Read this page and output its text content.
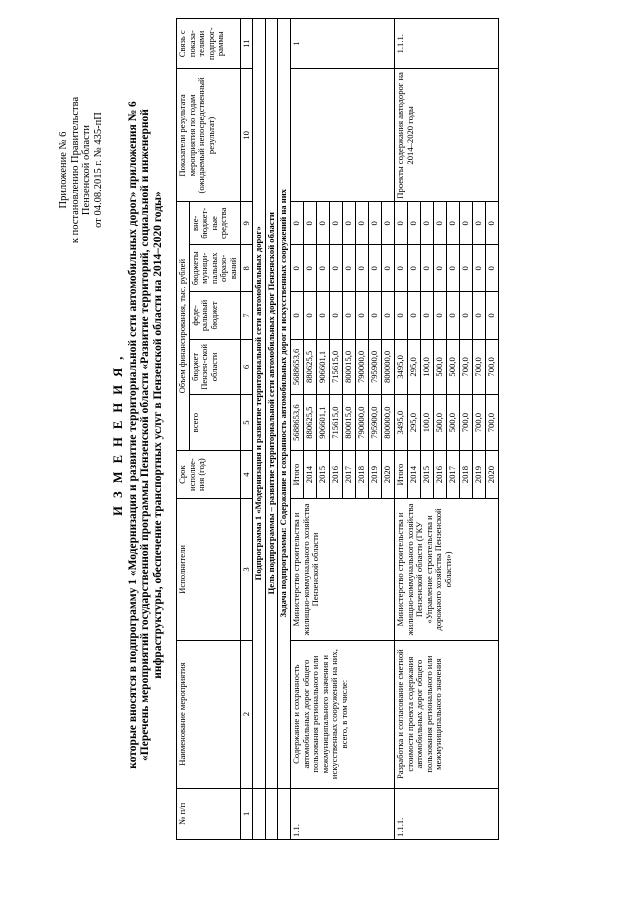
Приложение № 6 к постановлению Правительства Пензенской области от 04.08.2015 г. № 435-пП
И З М Е Н Е Н И Я , которые вносятся в подпрограмму 1 «Модернизация и развитие территориальной сети автомобильных дорог» приложения № 6 «Перечень мероприятий государственной программы Пензенской области «Развитие территорий, социальной и инженерной инфраструктуры, обеспечение транспортных услуг в Пензенской области на 2014–2020 годы»
№ п/п	Наименование мероприятия	Исполнители	Срок исполне-ния (год)	Объем финансирования, тыс. рублей					Показатели результата мероприятия по годам (ожидаемый непосредственный результат)	Связь с показа-телями подпрог-раммы
				всего	бюджет Пензен-ской области	феде-ральный бюджет	бюджеты муници-пальных образо-ваний	вне-бюджет-ные средства		
1	2	3	4	5	6	7	8	9	10	11
	Подпрограмма 1 «Модернизация и развитие территориальной сети автомобильных дорог»									
	Цель подпрограммы – развитие территориальной сети автомобильных дорог Пензенской области									
	Задача подпрограммы: Содержание и сохранность автомобильных дорог и искусственных сооружений на них									
1.1.	Содержание и сохранность автомобильных дорог общего пользования регионального или межмуниципального значения и искусственных сооружений на них, всего, в том числе:	Министерство строительства и жилищно-коммунального хозяйства Пензенской области	Итого	5688653,6	5688653,6	0	0	0		1
			2014	880625,5	880625,5	0	0	0		
			2015	906601,1	906601,1	0	0	0		
			2016	715615,0	715615,0	0	0	0		
			2017	800015,0	800015,0	0	0	0		
			2018	790000,0	790000,0	0	0	0		
			2019	795900,0	795900,0	0	0	0		
			2020	800000,0	800000,0	0	0	0		
1.1.1.	Разработка и согласование сметной стоимости проекта содержания автомобильных дорог общего пользования регионального или межмуниципального значения	Министерство строительства и жилищно-коммунального хозяйства Пензенской области (ГКУ «Управление строительства и дорожного хозяйства Пензенской области»)	Итого	3495,0	3495,0	0	0	0	Проекты содержания автодорог на 2014–2020 годы	1.1.1.
			2014	295,0	295,0	0	0	0		
			2015	100,0	100,0	0	0	0		
			2016	500,0	500,0	0	0	0		
			2017	500,0	500,0	0	0	0		
			2018	700,0	700,0	0	0	0		
			2019	700,0	700,0	0	0	0		
			2020	700,0	700,0	0	0	0		
